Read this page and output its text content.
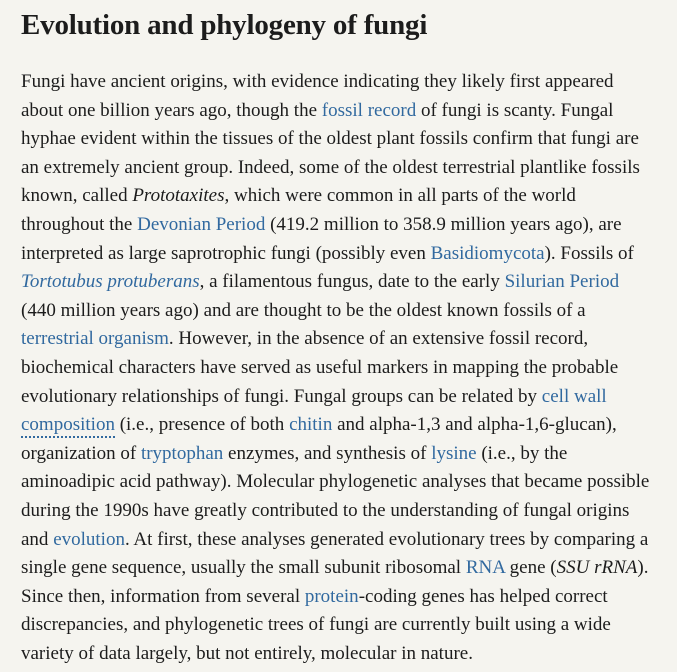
Evolution and phylogeny of fungi

Fungi have ancient origins, with evidence indicating they likely first appeared about one billion years ago, though the fossil record of fungi is scanty. Fungal hyphae evident within the tissues of the oldest plant fossils confirm that fungi are an extremely ancient group. Indeed, some of the oldest terrestrial plantlike fossils known, called Prototaxites, which were common in all parts of the world throughout the Devonian Period (419.2 million to 358.9 million years ago), are interpreted as large saprotrophic fungi (possibly even Basidiomycota). Fossils of Tortotubus protuberans, a filamentous fungus, date to the early Silurian Period (440 million years ago) and are thought to be the oldest known fossils of a terrestrial organism. However, in the absence of an extensive fossil record, biochemical characters have served as useful markers in mapping the probable evolutionary relationships of fungi. Fungal groups can be related by cell wall composition (i.e., presence of both chitin and alpha-1,3 and alpha-1,6-glucan), organization of tryptophan enzymes, and synthesis of lysine (i.e., by the aminoadipic acid pathway). Molecular phylogenetic analyses that became possible during the 1990s have greatly contributed to the understanding of fungal origins and evolution. At first, these analyses generated evolutionary trees by comparing a single gene sequence, usually the small subunit ribosomal RNA gene (SSU rRNA). Since then, information from several protein-coding genes has helped correct discrepancies, and phylogenetic trees of fungi are currently built using a wide variety of data largely, but not entirely, molecular in nature.
